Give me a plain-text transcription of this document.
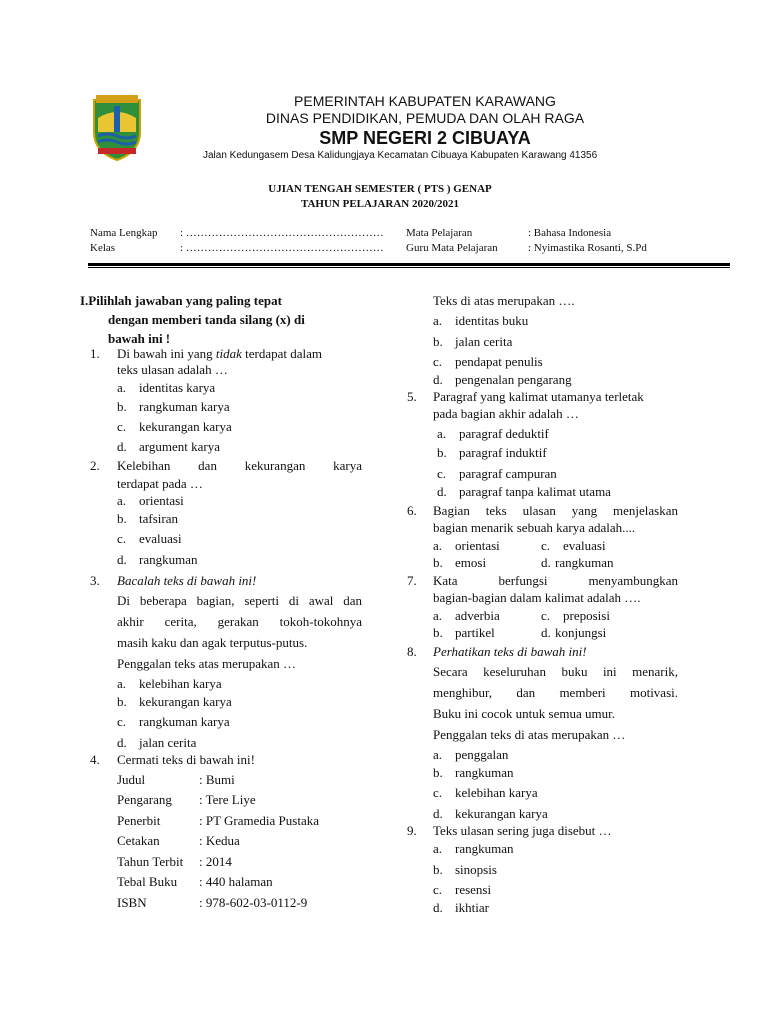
PEMERINTAH KABUPATEN KARAWANG
DINAS PENDIDIKAN, PEMUDA DAN OLAH RAGA
SMP NEGERI 2 CIBUAYA
Jalan Kedungasem Desa Kalidungjaya Kecamatan Cibuaya Kabupaten Karawang 41356
UJIAN TENGAH SEMESTER ( PTS ) GENAP
TAHUN PELAJARAN 2020/2021
Nama Lengkap : ………………………………………………
Kelas	: ………………………………………………
Mata Pelajaran	: Bahasa Indonesia
Guru Mata Pelajaran	: Nyimastika Rosanti, S.Pd
I.Pilihlah jawaban yang paling tepat
dengan memberi tanda silang (x) di
bawah ini !
1. Di bawah ini yang tidak terdapat dalam
teks ulasan adalah …
a. identitas karya
b. rangkuman karya
c. kekurangan karya
d. argument karya
2. Kelebihan dan kekurangan karya
terdapat pada …
a. orientasi
b. tafsiran
c. evaluasi
d. rangkuman
3. Bacalah teks di bawah ini!
Di beberapa bagian, seperti di awal dan
akhir cerita, gerakan tokoh-tokohnya
masih kaku dan agak terputus-putus.
Penggalan teks atas merupakan …
a. kelebihan karya
b. kekurangan karya
c. rangkuman karya
d. jalan cerita
4. Cermati teks di bawah ini!
Judul	: Bumi
Pengarang : Tere Liye
Penerbit	: PT Gramedia Pustaka
Cetakan	: Kedua
Tahun Terbit : 2014
Tebal Buku : 440 halaman
ISBN	: 978-602-03-0112-9
Teks di atas merupakan ….
a. identitas buku
b. jalan cerita
c. pendapat penulis
d. pengenalan pengarang
5. Paragraf yang kalimat utamanya terletak
pada bagian akhir adalah …
a. paragraf deduktif
b. paragraf induktif
c. paragraf campuran
d. paragraf tanpa kalimat utama
6. Bagian teks ulasan yang menjelaskan
bagian menarik sebuah karya adalah....
a. orientasi	c. evaluasi
b. emosi	d. rangkuman
7. Kata	berfungsi	menyambungkan
bagian-bagian dalam kalimat adalah ….
a. adverbia	c. preposisi
b. partikel	d. konjungsi
8. Perhatikan teks di bawah ini!
Secara keseluruhan buku ini menarik,
menghibur, dan memberi motivasi.
Buku ini cocok untuk semua umur.
Penggalan teks di atas merupakan …
a. penggalan
b. rangkuman
c. kelebihan karya
d. kekurangan karya
9. Teks ulasan sering juga disebut …
a. rangkuman
b. sinopsis
c. resensi
d. ikhtiar
